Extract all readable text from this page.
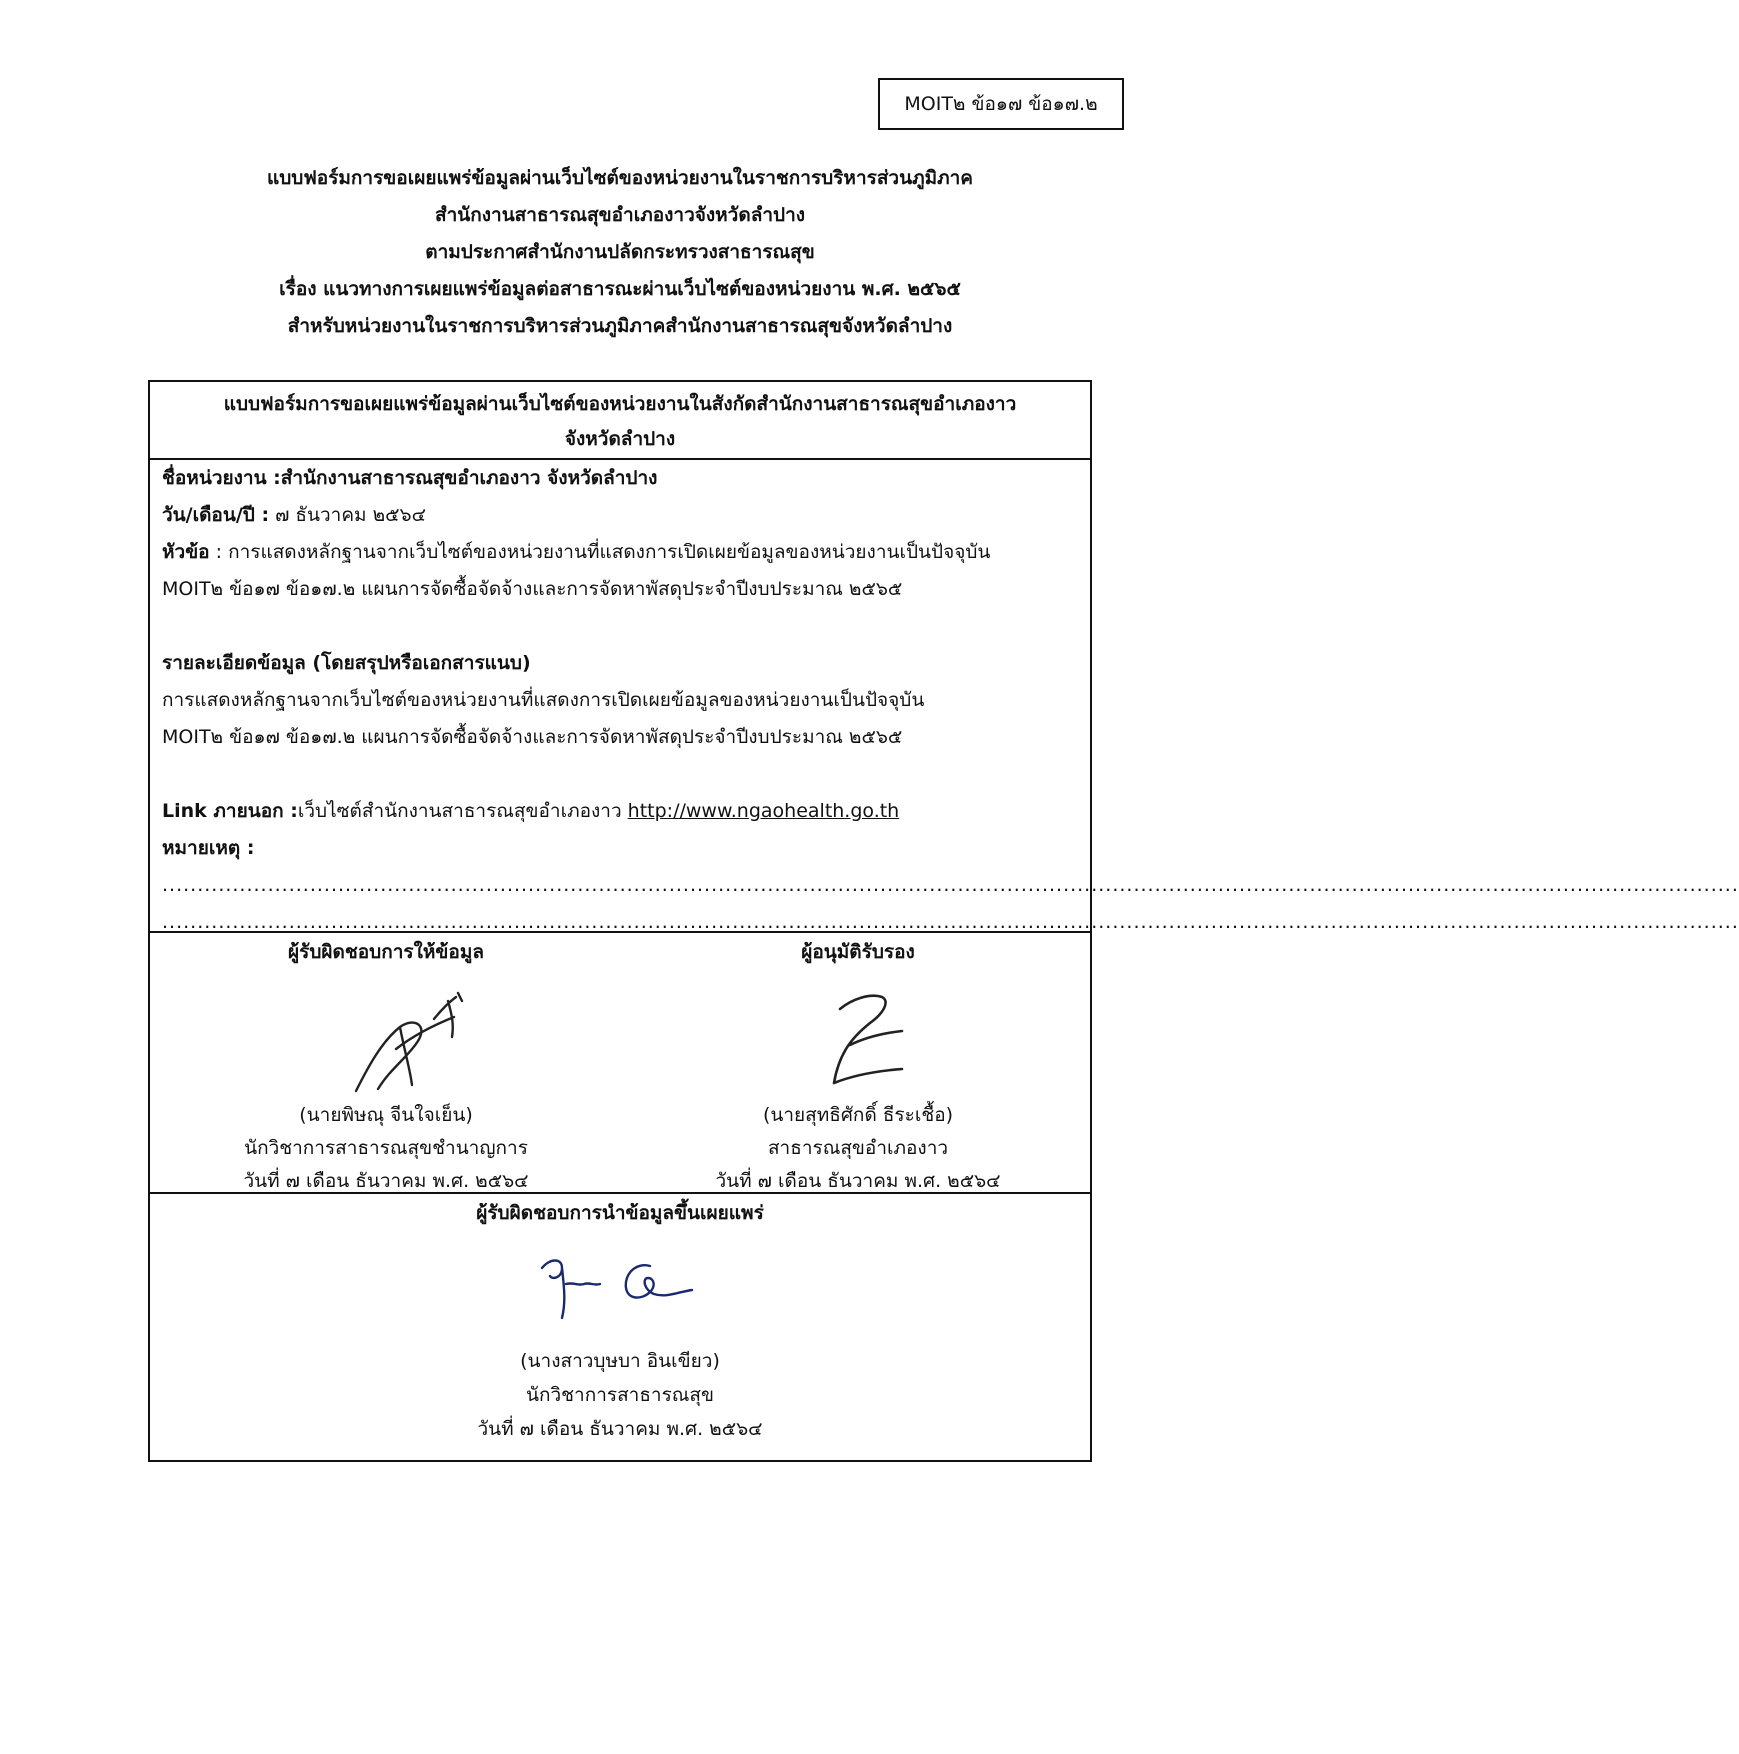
MOIT๒ ข้อ๑๗ ข้อ๑๗.๒
แบบฟอร์มการขอเผยแพร่ข้อมูลผ่านเว็บไซต์ของหน่วยงานในราชการบริหารส่วนภูมิภาค
สำนักงานสาธารณสุขอำเภองาวจังหวัดลำปาง
ตามประกาศสำนักงานปลัดกระทรวงสาธารณสุข
เรื่อง แนวทางการเผยแพร่ข้อมูลต่อสาธารณะผ่านเว็บไซต์ของหน่วยงาน พ.ศ. ๒๕๖๕
สำหรับหน่วยงานในราชการบริหารส่วนภูมิภาคสำนักงานสาธารณสุขจังหวัดลำปาง
แบบฟอร์มการขอเผยแพร่ข้อมูลผ่านเว็บไซต์ของหน่วยงานในสังกัดสำนักงานสาธารณสุขอำเภองาว
จังหวัดลำปาง
ชื่อหน่วยงาน :สำนักงานสาธารณสุขอำเภองาว จังหวัดลำปาง
วัน/เดือน/ปี : ๗ ธันวาคม ๒๕๖๔
หัวข้อ : การแสดงหลักฐานจากเว็บไซต์ของหน่วยงานที่แสดงการเปิดเผยข้อมูลของหน่วยงานเป็นปัจจุบัน
MOIT๒ ข้อ๑๗ ข้อ๑๗.๒ แผนการจัดซื้อจัดจ้างและการจัดหาพัสดุประจำปีงบประมาณ ๒๕๖๕
รายละเอียดข้อมูล (โดยสรุปหรือเอกสารแนบ)
การแสดงหลักฐานจากเว็บไซต์ของหน่วยงานที่แสดงการเปิดเผยข้อมูลของหน่วยงานเป็นปัจจุบัน
MOIT๒ ข้อ๑๗ ข้อ๑๗.๒ แผนการจัดซื้อจัดจ้างและการจัดหาพัสดุประจำปีงบประมาณ ๒๕๖๕
Link ภายนอก :เว็บไซต์สำนักงานสาธารณสุขอำเภองาว http://www.ngaohealth.go.th
หมายเหตุ :
................................................................................................................................................................................................................................
................................................................................................................................................................................................................................
ผู้รับผิดชอบการให้ข้อมูล
(นายพิษณุ จีนใจเย็น)
นักวิชาการสาธารณสุขชำนาญการ
วันที่ ๗ เดือน ธันวาคม พ.ศ. ๒๕๖๔
ผู้อนุมัติรับรอง
(นายสุทธิศักดิ์ ธีระเชื้อ)
สาธารณสุขอำเภองาว
วันที่ ๗ เดือน ธันวาคม พ.ศ. ๒๕๖๔
ผู้รับผิดชอบการนำข้อมูลขึ้นเผยแพร่
(นางสาวบุษบา อินเขียว)
นักวิชาการสาธารณสุข
วันที่ ๗ เดือน ธันวาคม พ.ศ. ๒๕๖๔
